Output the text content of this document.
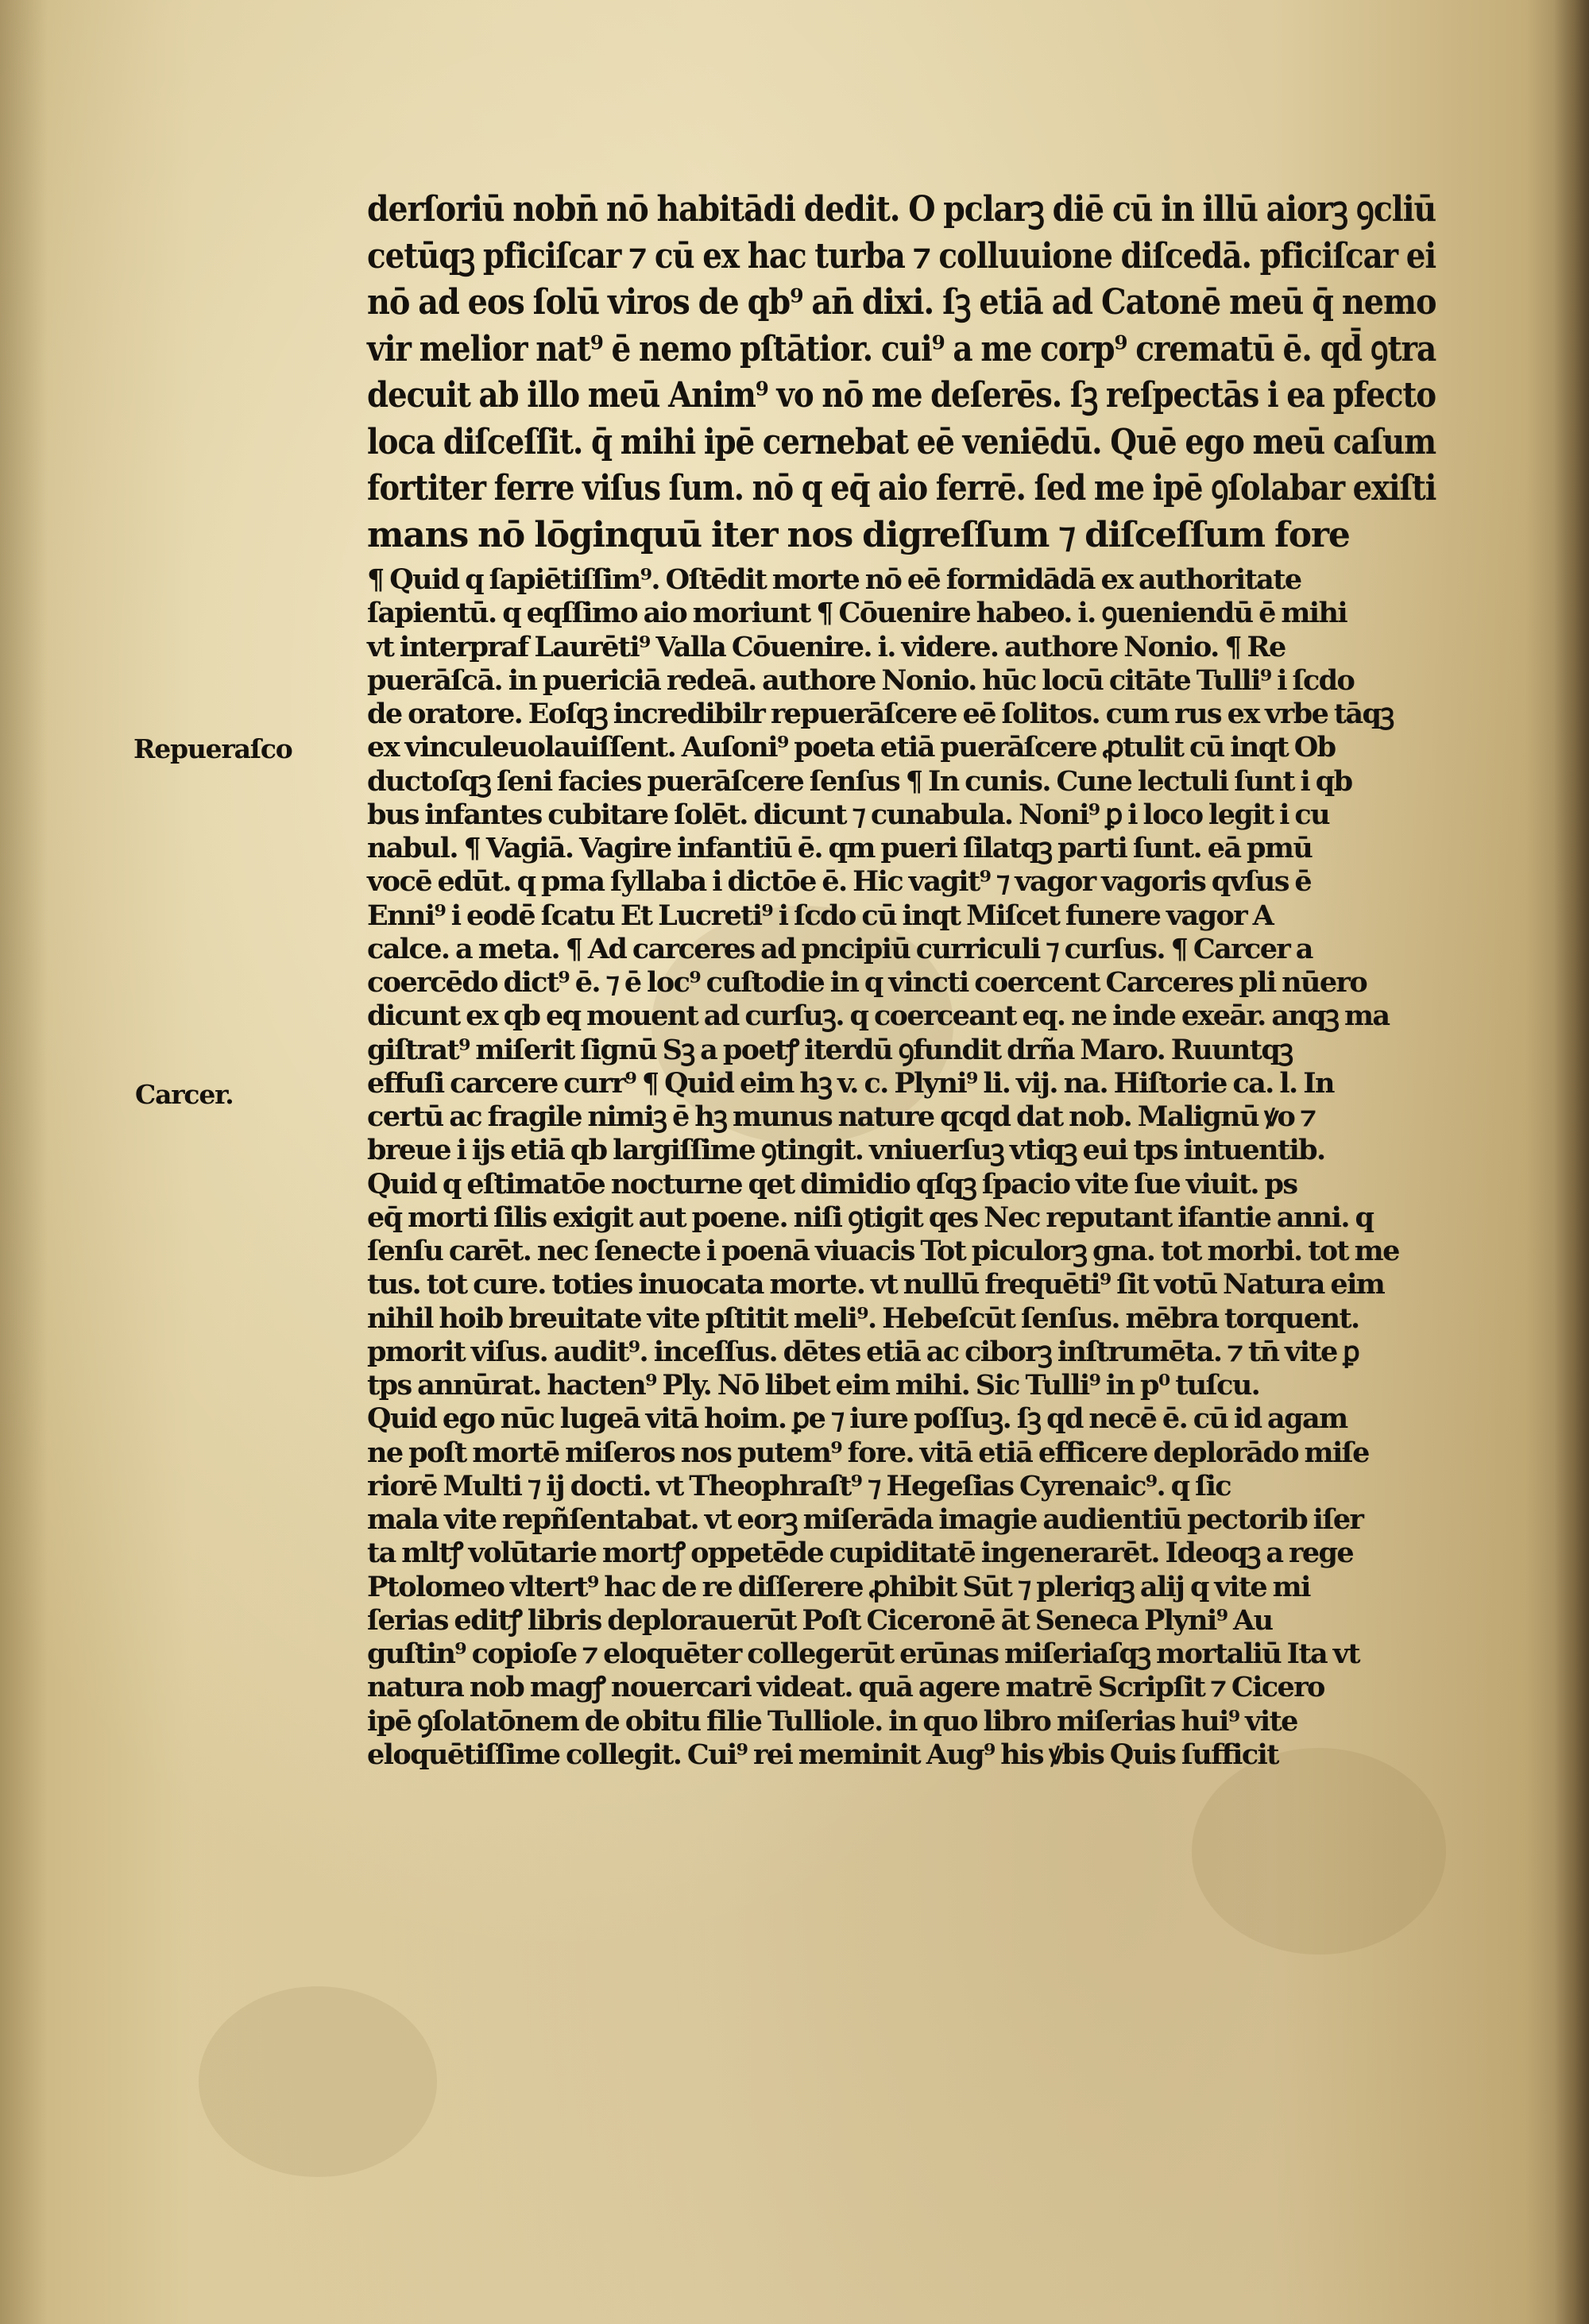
Repueraſco
Carcer.
derſoriū nobn̄ nō habitādi dedit. O pclarꝫ diē cū in illū aiorꝫ ꝯcliū
cetūqꝫ pficiſcar ⁊ cū ex hac turba ⁊ colluuione diſcedā. pficiſcar ei
nō ad eos ſolū viros de qb⁹ an̄ dixi. ſꝫ etiā ad Catonē meū q̄ nemo
vir melior nat⁹ ē nemo pſtātior. cui⁹ a me corp⁹ crematū ē. qd̄ ꝯtra
decuit ab illo meū Anim⁹ vo nō me deſerēs. ſꝫ reſpectās i ea pfecto
loca diſceſſit. q̄ mihi ipē cernebat eē veniēdū. Quē ego meū caſum
fortiter ferre viſus ſum. nō q eq̄ aio ferrē. ſed me ipē ꝯſolabar exiſti
mans nō lōginquū iter nos digreſſum ⁊ diſceſſum fore
¶ Quid q ſapiētiſſim⁹. Oſtēdit morte nō eē formidādā ex authoritate
ſapientū. q eqſſimo aio moriunt ¶ Cōuenire habeo. i. ꝯueniendū ē mihi
vt interpraf Laurēti⁹ Valla Cōuenire. i. videre. authore Nonio. ¶ Re
puerāſcā. in puericiā redeā. authore Nonio. hūc locū citāte Tulli⁹ i ſcdo
de oratore. Eoſqꝫ incredibilr repuerāſcere eē ſolitos. cum rus ex vrbe tāqꝫ
ex vinculeuolauiſſent. Auſoni⁹ poeta etiā puerāſcere ꝓtulit cū inqt Ob
ductoſqꝫ ſeni facies puerāſcere ſenſus ¶ In cunis. Cune lectuli ſunt i qb
bus infantes cubitare ſolēt. dicunt ⁊ cunabula. Noni⁹ ꝑ i loco legit i cu
nabul. ¶ Vagiā. Vagire infantiū ē. qm pueri ſilatqꝫ parti ſunt. eā pmū
vocē edūt. q pma ſyllaba i dictōe ē. Hic vagit⁹ ⁊ vagor vagoris qvſus ē
Enni⁹ i eodē ſcatu Et Lucreti⁹ i ſcdo cū inqt Miſcet funere vagor A
calce. a meta. ¶ Ad carceres ad pncipiū curriculi ⁊ curſus. ¶ Carcer a
coercēdo dict⁹ ē. ⁊ ē loc⁹ cuſtodie in q vincti coercent Carceres pli nūero
dicunt ex qb eq mouent ad curſuꝫ. q coerceant eq. ne inde exeār. anqꝫ ma
giſtrat⁹ miſerit ſignū Sꝫ a poetꝭ iterdū ꝯfundit drña Maro. Ruuntqꝫ
effuſi carcere curr⁹ ¶ Quid eim hꝫ v. c. Plyni⁹ li. vij. na. Hiſtorie ca. l. In
certū ac fragile nimiꝫ ē hꝫ munus nature qcqd dat nob. Malignū ꝟo ⁊
breue i ijs etiā qb largiſſime ꝯtingit. vniuerſuꝫ vtiqꝫ eui tps intuentib.
Quid q eſtimatōe nocturne qet dimidio qſqꝫ ſpacio vite ſue viuit. ps
eq̄ morti ſilis exigit aut poene. niſi ꝯtigit qes Nec reputant ifantie anni. q
ſenſu carēt. nec ſenecte i poenā viuacis Tot piculorꝫ gna. tot morbi. tot me
tus. tot cure. toties inuocata morte. vt nullū frequēti⁹ ſit votū Natura eim
nihil hoib breuitate vite pſtitit meli⁹. Hebeſcūt ſenſus. mēbra torquent.
pmorit viſus. audit⁹. inceſſus. dētes etiā ac ciborꝫ inſtrumēta. ⁊ tn̄ vite ꝑ
tps annūrat. hacten⁹ Ply. Nō libet eim mihi. Sic Tulli⁹ in p⁰ tuſcu.
Quid ego nūc lugeā vitā hoim. ꝑe ⁊ iure poſſuꝫ. ſꝫ qd necē ē. cū id agam
ne poſt mortē miſeros nos putem⁹ fore. vitā etiā efficere deplorādo miſe
riorē Multi ⁊ ij docti. vt Theophraſt⁹ ⁊ Hegeſias Cyrenaic⁹. q ſic
mala vite repñſentabat. vt eorꝫ miſerāda imagie audientiū pectorib iſer
ta mltꝭ volūtarie mortꝭ oppetēde cupiditatē ingenerarēt. Ideoqꝫ a rege
Ptolomeo vltert⁹ hac de re diſſerere ꝓhibit Sūt ⁊ pleriqꝫ alij q vite mi
ſerias editꝭ libris deplorauerūt Poſt Ciceronē āt Seneca Plyni⁹ Au
guſtin⁹ copioſe ⁊ eloquēter collegerūt erūnas miſeriaſqꝫ mortaliū Ita vt
natura nob magꝭ nouercari videat. quā agere matrē Scripſit ⁊ Cicero
ipē ꝯſolatōnem de obitu filie Tulliole. in quo libro miſerias hui⁹ vite
eloquētiſſime collegit. Cui⁹ rei meminit Aug⁹ his ꝟbis Quis ſufficit
